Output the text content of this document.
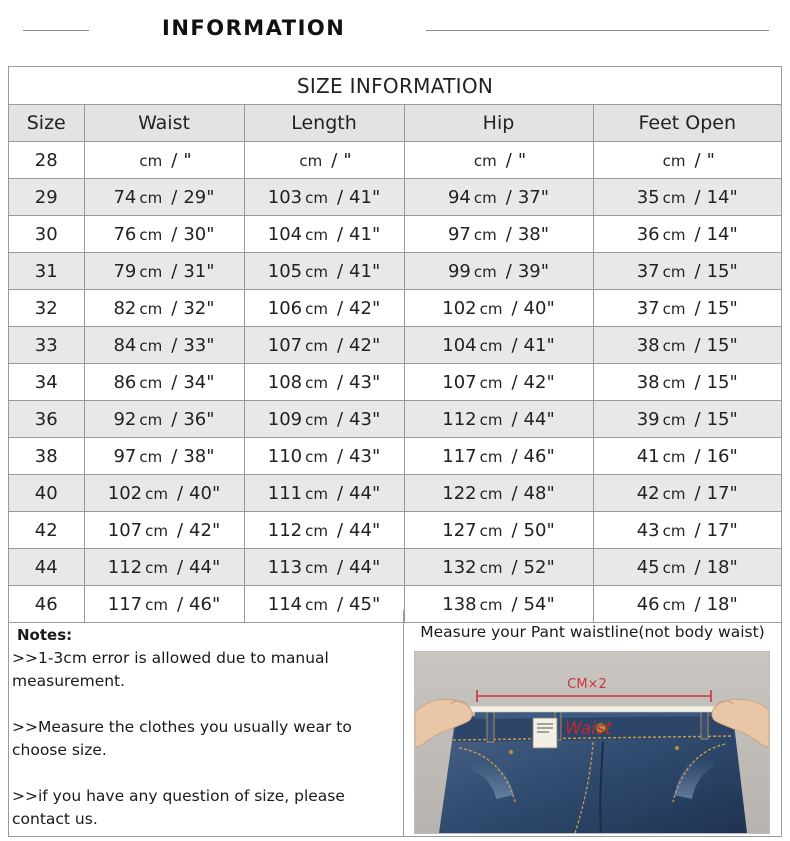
INFORMATION
SIZE INFORMATION
Size	Waist	Length	Hip	Feet Open
28	cm / "	cm / "	cm / "	cm / "
29	74 cm / 29"	103 cm / 41"	94 cm / 37"	35 cm / 14"
30	76 cm / 30"	104 cm / 41"	97 cm / 38"	36 cm / 14"
31	79 cm / 31"	105 cm / 41"	99 cm / 39"	37 cm / 15"
32	82 cm / 32"	106 cm / 42"	102 cm / 40"	37 cm / 15"
33	84 cm / 33"	107 cm / 42"	104 cm / 41"	38 cm / 15"
34	86 cm / 34"	108 cm / 43"	107 cm / 42"	38 cm / 15"
36	92 cm / 36"	109 cm / 43"	112 cm / 44"	39 cm / 15"
38	97 cm / 38"	110 cm / 43"	117 cm / 46"	41 cm / 16"
40	102 cm / 40"	111 cm / 44"	122 cm / 48"	42 cm / 17"
42	107 cm / 42"	112 cm / 44"	127 cm / 50"	43 cm / 17"
44	112 cm / 44"	113 cm / 44"	132 cm / 52"	45 cm / 18"
46	117 cm / 46"	114 cm / 45"	138 cm / 54"	46 cm / 18"
Notes:

>>1-3cm error is allowed due to manual measurement.

>>Measure the clothes you usually wear to choose size.

>>if you have any question of size, please contact us.

Measure your Pant waistline(not body waist)
Waist
CM×2
